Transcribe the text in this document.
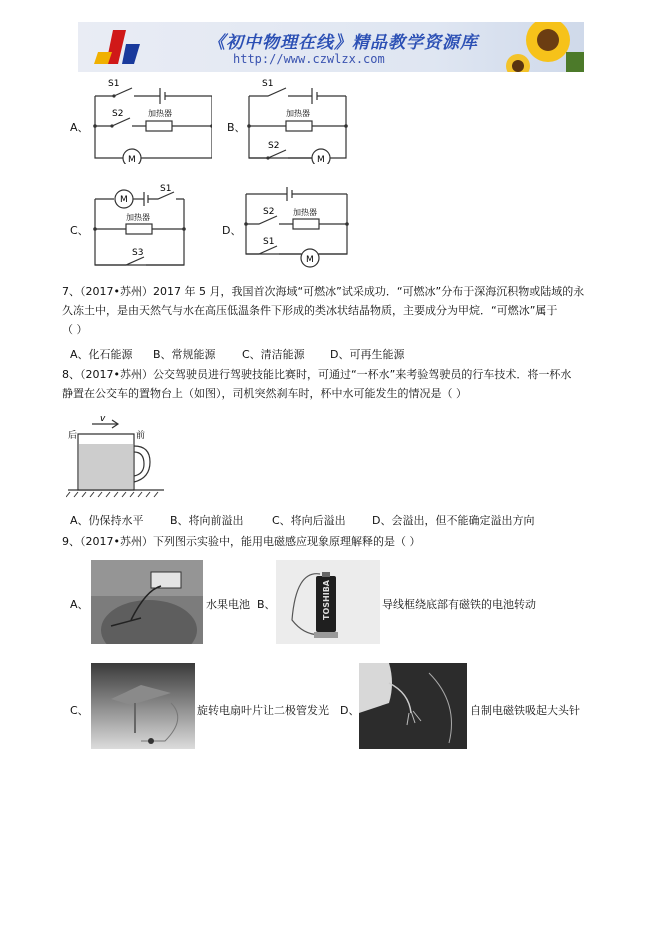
《初中物理在线》精品教学资源库
http://www.czwlzx.com
A、
S1
S2	加热器
M
B、
S1
加热器
S2
M
C、
M
S1
加热器
S3
D、
S2 加热器
S1
M
7、（2017•苏州）2017 年 5 月，我国首次海域“可燃冰”试采成功．“可燃冰”分布于深海沉积物或陆域的永
久冻土中，是由天然气与水在高压低温条件下形成的类冰状结晶物质，主要成分为甲烷．“可燃冰”属于
（ ）
A、化石能源 B、常规能源 C、清洁能源 D、可再生能源
8、（2017•苏州）公交驾驶员进行驾驶技能比赛时，可通过“一杯水”来考验驾驶员的行车技术．将一杯水
静置在公交车的置物台上（如图），司机突然刹车时，杯中水可能发生的情况是（ ）
后	前
v
A、仍保持水平 B、将向前溢出	C、将向后溢出 D、会溢出，但不能确定溢出方向
9、（2017•苏州）下列图示实验中，能用电磁感应现象原理解释的是（ ）
A、	水果电池 B、	TOSHIBA	导线框绕底部有磁铁的电池转动
C、	旋转电扇叶片让二极管发光 D、	自制电磁铁吸起大头针
